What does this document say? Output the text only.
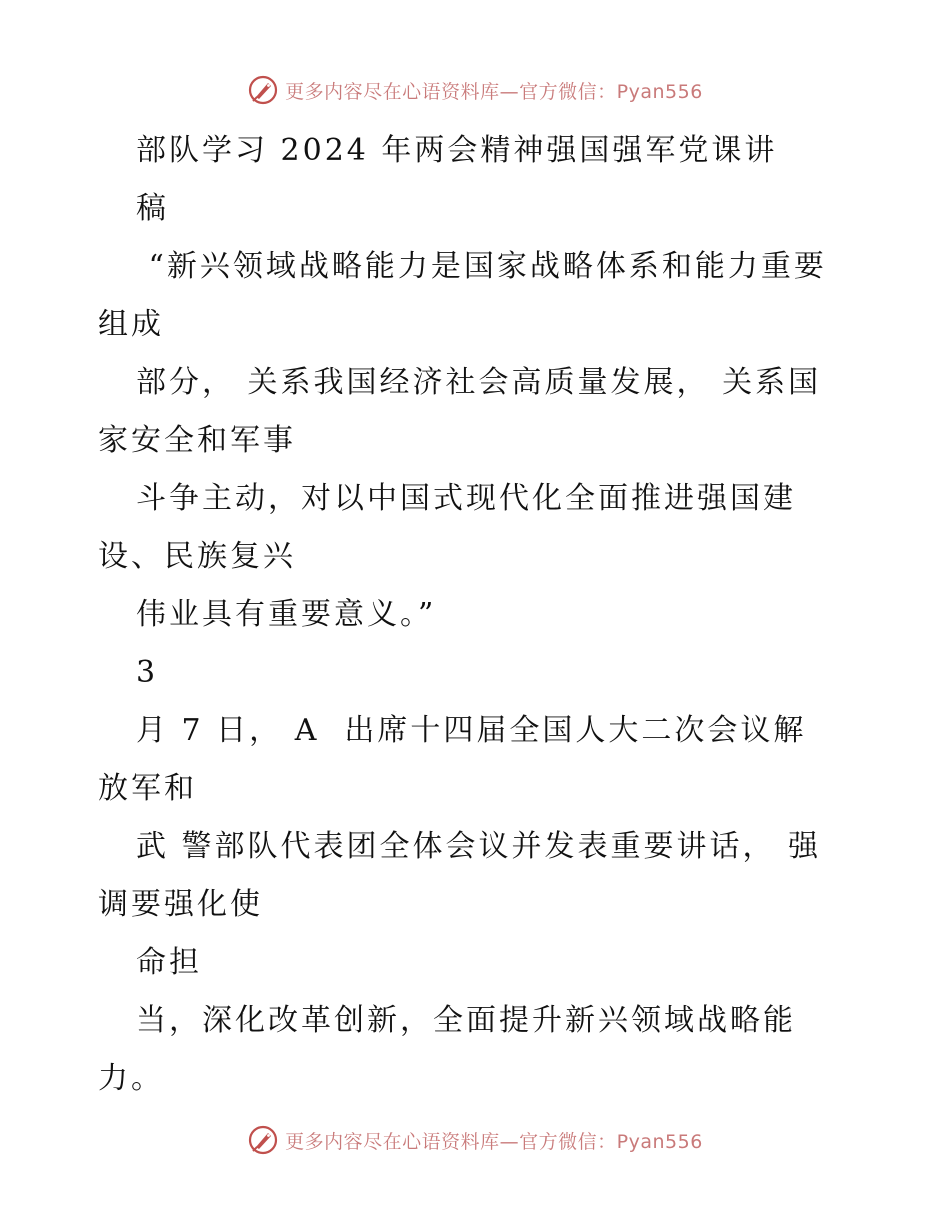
更多内容尽在心语资料库—官方微信：Pyan556

部队学习 2024 年两会精神强国强军党课讲

稿

“新兴领域战略能力是国家战略体系和能力重要

组成

部分， 关系我国经济社会高质量发展， 关系国

家安全和军事

斗争主动，对以中国式现代化全面推进强国建

设、民族复兴

伟业具有重要意义。”

3

月 7 日， A  出席十四届全国人大二次会议解

放军和

武 警部队代表团全体会议并发表重要讲话， 强

调要强化使

命担

当，深化改革创新，全面提升新兴领域战略能

力。

更多内容尽在心语资料库—官方微信：Pyan556
